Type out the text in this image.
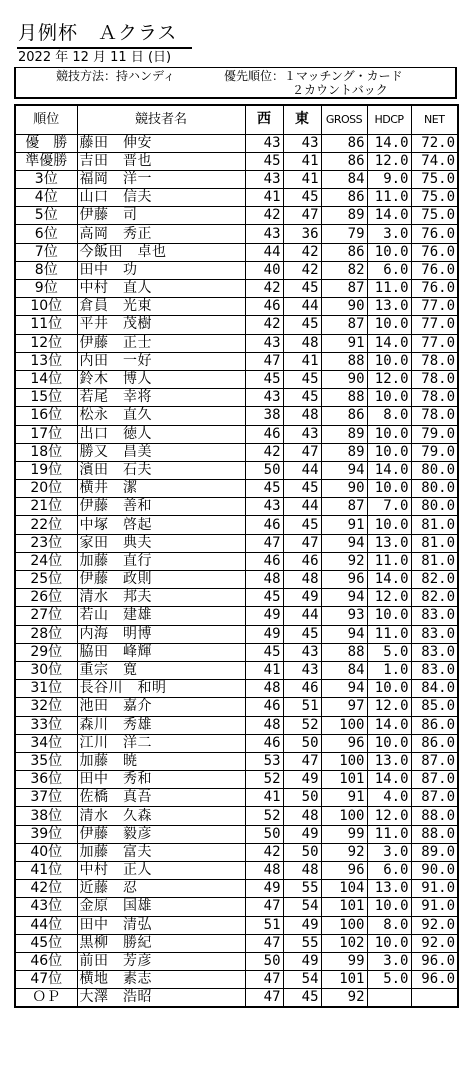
月例杯　Ａクラス
2022 年 12 月 11 日 (日)
競技方法：持ハンディ	優先順位：１マッチング・カード
２カウントバック
順位	競技者名	西	東	GROSS	HDCP	NET
優　勝	藤田　伸安	43	43	86	14.0	72.0
準優勝	吉田　晋也	45	41	86	12.0	74.0
3位	福岡　洋一	43	41	84	9.0	75.0
4位	山口　信夫	41	45	86	11.0	75.0
5位	伊藤　司	42	47	89	14.0	75.0
6位	高岡　秀正	43	36	79	3.0	76.0
7位	今飯田　卓也	44	42	86	10.0	76.0
8位	田中　功	40	42	82	6.0	76.0
9位	中村　直人	42	45	87	11.0	76.0
10位	倉員　光東	46	44	90	13.0	77.0
11位	平井　茂樹	42	45	87	10.0	77.0
12位	伊藤　正士	43	48	91	14.0	77.0
13位	内田　一好	47	41	88	10.0	78.0
14位	鈴木　博人	45	45	90	12.0	78.0
15位	若尾　幸将	43	45	88	10.0	78.0
16位	松永　直久	38	48	86	8.0	78.0
17位	出口　徳人	46	43	89	10.0	79.0
18位	勝又　昌美	42	47	89	10.0	79.0
19位	濱田　石夫	50	44	94	14.0	80.0
20位	横井　潔	45	45	90	10.0	80.0
21位	伊藤　善和	43	44	87	7.0	80.0
22位	中塚　啓起	46	45	91	10.0	81.0
23位	家田　典夫	47	47	94	13.0	81.0
24位	加藤　直行	46	46	92	11.0	81.0
25位	伊藤　政則	48	48	96	14.0	82.0
26位	清水　邦夫	45	49	94	12.0	82.0
27位	若山　建雄	49	44	93	10.0	83.0
28位	内海　明博	49	45	94	11.0	83.0
29位	脇田　峰輝	45	43	88	5.0	83.0
30位	重宗　寛	41	43	84	1.0	83.0
31位	長谷川　和明	48	46	94	10.0	84.0
32位	池田　嘉介	46	51	97	12.0	85.0
33位	森川　秀雄	48	52	100	14.0	86.0
34位	江川　洋二	46	50	96	10.0	86.0
35位	加藤　暁	53	47	100	13.0	87.0
36位	田中　秀和	52	49	101	14.0	87.0
37位	佐橋　真吾	41	50	91	4.0	87.0
38位	清水　久森	52	48	100	12.0	88.0
39位	伊藤　毅彦	50	49	99	11.0	88.0
40位	加藤　富夫	42	50	92	3.0	89.0
41位	中村　正人	48	48	96	6.0	90.0
42位	近藤　忍	49	55	104	13.0	91.0
43位	金原　国雄	47	54	101	10.0	91.0
44位	田中　清弘	51	49	100	8.0	92.0
45位	黒柳　勝紀	47	55	102	10.0	92.0
46位	前田　芳彦	50	49	99	3.0	96.0
47位	横地　素志	47	54	101	5.0	96.0
ＯＰ	大澤　浩昭	47	45	92		
